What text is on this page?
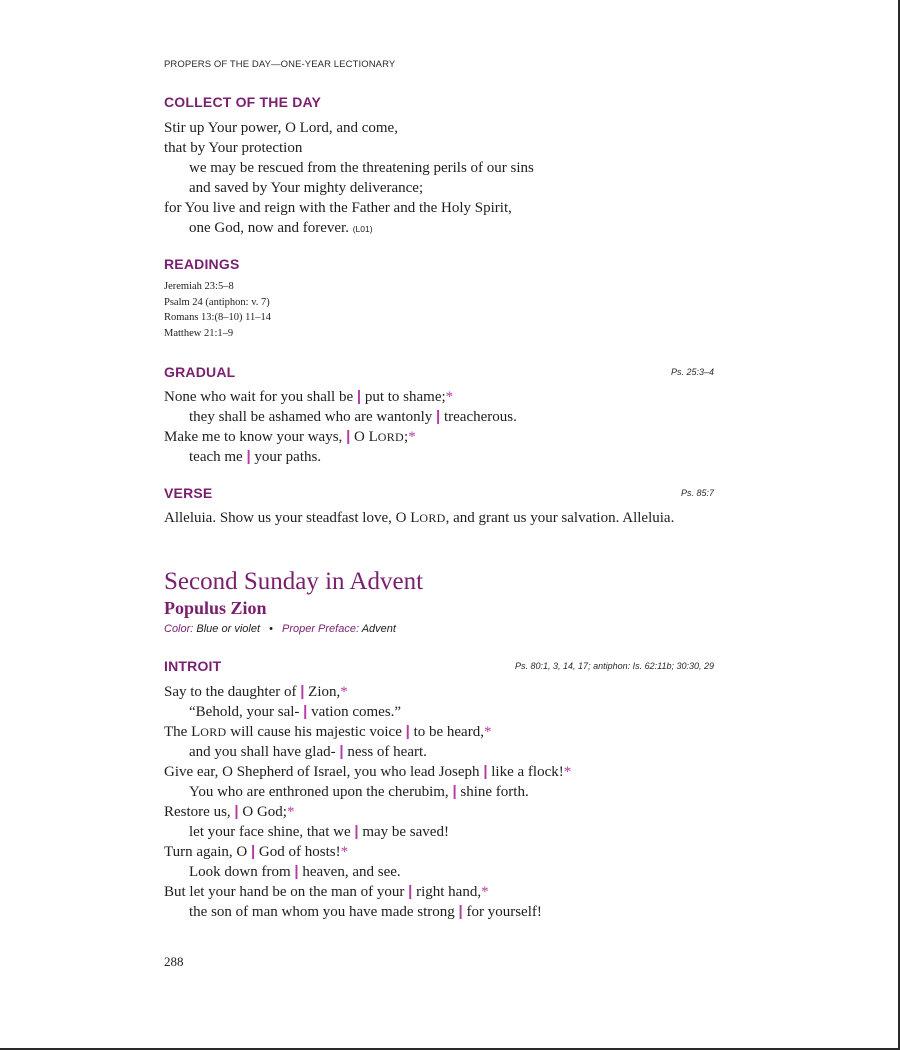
PROPERS OF THE DAY—ONE-YEAR LECTIONARY
COLLECT OF THE DAY
Stir up Your power, O Lord, and come,
that by Your protection
we may be rescued from the threatening perils of our sins
and saved by Your mighty deliverance;
for You live and reign with the Father and the Holy Spirit,
one God, now and forever. (L01)
READINGS
Jeremiah 23:5–8
Psalm 24 (antiphon: v. 7)
Romans 13:(8–10) 11–14
Matthew 21:1–9
GRADUAL	Ps. 25:3–4
None who wait for you shall be | put to shame;*
they shall be ashamed who are wantonly | treacherous.
Make me to know your ways, | O LORD;*
teach me | your paths.
VERSE	Ps. 85:7
Alleluia. Show us your steadfast love, O LORD, and grant us your salvation. Alleluia.
Second Sunday in Advent
Populus Zion
Color: Blue or violet • Proper Preface: Advent
INTROIT	Ps. 80:1, 3, 14, 17; antiphon: Is. 62:11b; 30:30, 29
Say to the daughter of | Zion,*
“Behold, your sal- | vation comes.”
The LORD will cause his majestic voice | to be heard,*
and you shall have glad- | ness of heart.
Give ear, O Shepherd of Israel, you who lead Joseph | like a flock!*
You who are enthroned upon the cherubim, | shine forth.
Restore us, | O God;*
let your face shine, that we | may be saved!
Turn again, O | God of hosts!*
Look down from | heaven, and see.
But let your hand be on the man of your | right hand,*
the son of man whom you have made strong | for yourself!
288
